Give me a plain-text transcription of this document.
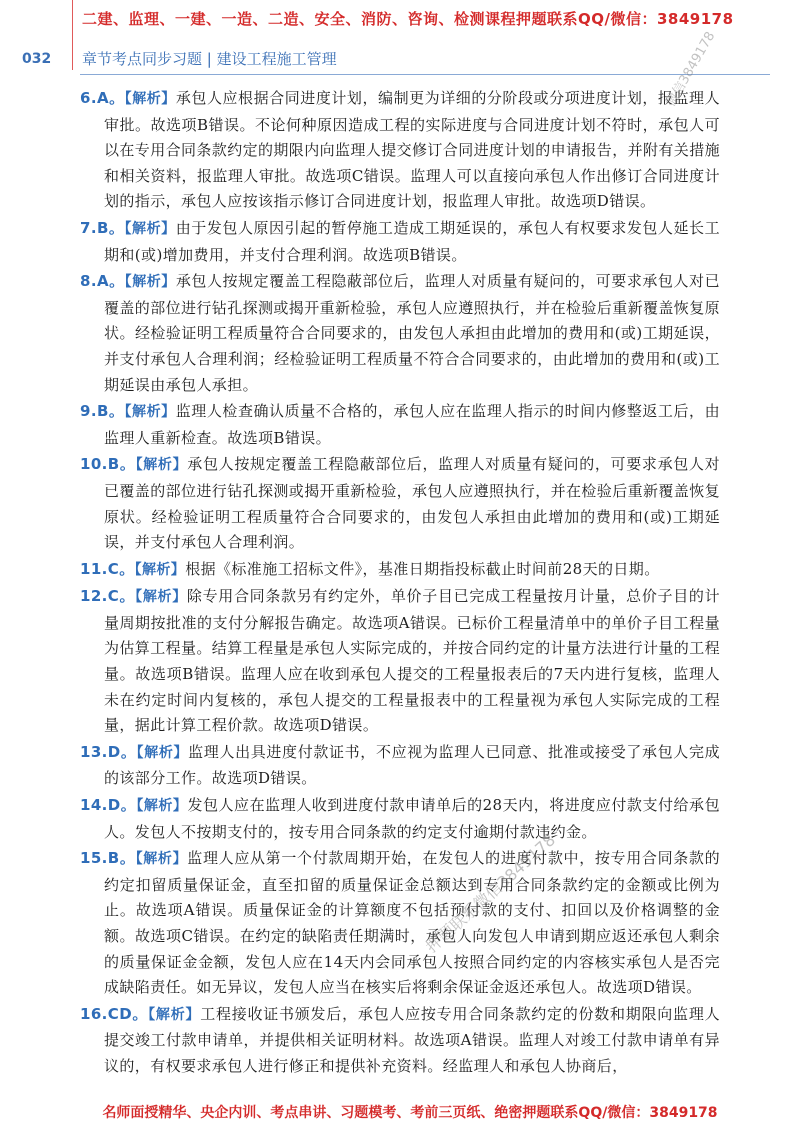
二建、监理、一建、一造、二造、安全、消防、咨询、检测课程押题联系QQ/微信：3849178
032 章节考点同步习题 | 建设工程施工管理

6.A。【解析】承包人应根据合同进度计划，编制更为详细的分阶段或分项进度计划，报监理人审批。故选项B错误。不论何种原因造成工程的实际进度与合同进度计划不符时，承包人可以在专用合同条款约定的期限内向监理人提交修订合同进度计划的申请报告，并附有关措施和相关资料，报监理人审批。故选项C错误。监理人可以直接向承包人作出修订合同进度计划的指示，承包人应按该指示修订合同进度计划，报监理人审批。故选项D错误。

7.B。【解析】由于发包人原因引起的暂停施工造成工期延误的，承包人有权要求发包人延长工期和(或)增加费用，并支付合理利润。故选项B错误。

8.A。【解析】承包人按规定覆盖工程隐蔽部位后，监理人对质量有疑问的，可要求承包人对已覆盖的部位进行钻孔探测或揭开重新检验，承包人应遵照执行，并在检验后重新覆盖恢复原状。经检验证明工程质量符合合同要求的，由发包人承担由此增加的费用和(或)工期延误，并支付承包人合理利润；经检验证明工程质量不符合合同要求的，由此增加的费用和(或)工期延误由承包人承担。

9.B。【解析】监理人检查确认质量不合格的，承包人应在监理人指示的时间内修整返工后，由监理人重新检查。故选项B错误。

10.B。【解析】承包人按规定覆盖工程隐蔽部位后，监理人对质量有疑问的，可要求承包人对已覆盖的部位进行钻孔探测或揭开重新检验，承包人应遵照执行，并在检验后重新覆盖恢复原状。经检验证明工程质量符合合同要求的，由发包人承担由此增加的费用和(或)工期延误，并支付承包人合理利润。

11.C。【解析】根据《标准施工招标文件》，基准日期指投标截止时间前28天的日期。

12.C。【解析】除专用合同条款另有约定外，单价子目已完成工程量按月计量，总价子目的计量周期按批准的支付分解报告确定。故选项A错误。已标价工程量清单中的单价子目工程量为估算工程量。结算工程量是承包人实际完成的，并按合同约定的计量方法进行计量的工程量。故选项B错误。监理人应在收到承包人提交的工程量报表后的7天内进行复核，监理人未在约定时间内复核的，承包人提交的工程量报表中的工程量视为承包人实际完成的工程量，据此计算工程价款。故选项D错误。

13.D。【解析】监理人出具进度付款证书，不应视为监理人已同意、批准或接受了承包人完成的该部分工作。故选项D错误。

14.D。【解析】发包人应在监理人收到进度付款申请单后的28天内，将进度应付款支付给承包人。发包人不按期支付的，按专用合同条款的约定支付逾期付款违约金。

15.B。【解析】监理人应从第一个付款周期开始，在发包人的进度付款中，按专用合同条款的约定扣留质量保证金，直至扣留的质量保证金总额达到专用合同条款约定的金额或比例为止。故选项A错误。质量保证金的计算额度不包括预付款的支付、扣回以及价格调整的金额。故选项C错误。在约定的缺陷责任期满时，承包人向发包人申请到期应返还承包人剩余的质量保证金金额，发包人应在14天内会同承包人按照合同约定的内容核实承包人是否完成缺陷责任。如无异议，发包人应当在核实后将剩余保证金返还承包人。故选项D错误。

16.CD。【解析】工程接收证书颁发后，承包人应按专用合同条款约定的份数和期限向监理人提交竣工付款申请单，并提供相关证明材料。故选项A错误。监理人对竣工付款申请单有异议的，有权要求承包人进行修正和提供补充资料。经监理人和承包人协商后，

名师面授精华、央企内训、考点串讲、习题模考、考前三页纸、绝密押题联系QQ/微信：3849178
微信3849178
押题联系微信3849178
